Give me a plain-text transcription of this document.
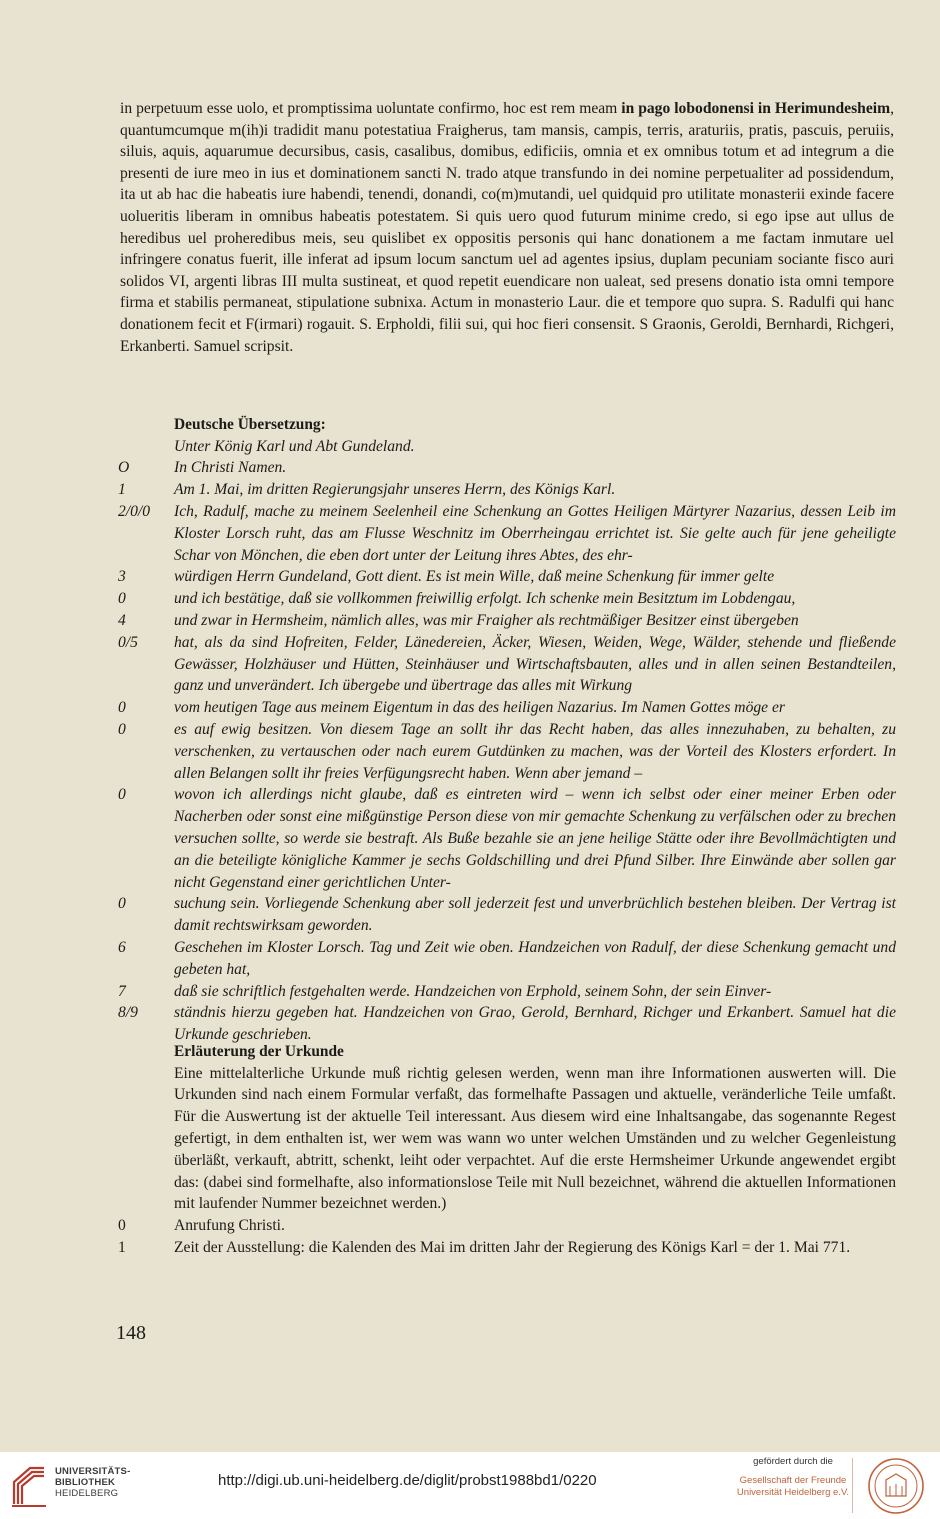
in perpetuum esse uolo, et promptissima uoluntate confirmo, hoc est rem meam in pago lobodonensi in Herimundesheim, quantumcumque m(ih)i tradidit manu potestatiua Fraigherus, tam mansis, campis, terris, araturiis, pratis, pascuis, peruiis, siluis, aquis, aquarumue decursibus, casis, casalibus, domibus, edificiis, omnia et ex omnibus totum et ad integrum a die presenti de iure meo in ius et dominationem sancti N. trado atque transfundo in dei nomine perpetualiter ad possidendum, ita ut ab hac die habeatis iure habendi, tenendi, donandi, co(m)mutandi, uel quidquid pro utilitate monasterii exinde facere uolueritis liberam in omnibus habeatis potestatem. Si quis uero quod futurum minime credo, si ego ipse aut ullus de heredibus uel proheredibus meis, seu quislibet ex oppositis personis qui hanc donationem a me factam inmutare uel infringere conatus fuerit, ille inferat ad ipsum locum sanctum uel ad agentes ipsius, duplam pecuniam sociante fisco auri solidos VI, argenti libras III multa sustineat, et quod repetit euendicare non ualeat, sed presens donatio ista omni tempore firma et stabilis permaneat, stipulatione subnixa. Actum in monasterio Laur. die et tempore quo supra. S. Radulfi qui hanc donationem fecit et F(irmari) rogauit. S. Erpholdi, filii sui, qui hoc fieri consensit. S Graonis, Geroldi, Bernhardi, Richgeri, Erkanberti. Samuel scripsit.

Deutsche Übersetzung:
Unter König Karl und Abt Gundeland.
O	In Christi Namen.
1	Am 1. Mai, im dritten Regierungsjahr unseres Herrn, des Königs Karl.
2/0/0	Ich, Radulf, mache zu meinem Seelenheil eine Schenkung an Gottes Heiligen Märtyrer Nazarius, dessen Leib im Kloster Lorsch ruht, das am Flusse Weschnitz im Oberrheingau errichtet ist. Sie gelte auch für jene geheiligte Schar von Mönchen, die eben dort unter der Leitung ihres Abtes, des ehr-
3	würdigen Herrn Gundeland, Gott dient. Es ist mein Wille, daß meine Schenkung für immer gelte
0	und ich bestätige, daß sie vollkommen freiwillig erfolgt. Ich schenke mein Besitztum im Lobdengau,
4	und zwar in Hermsheim, nämlich alles, was mir Fraigher als rechtmäßiger Besitzer einst übergeben
0/5	hat, als da sind Hofreiten, Felder, Länedereien, Äcker, Wiesen, Weiden, Wege, Wälder, stehende und fließende Gewässer, Holzhäuser und Hütten, Steinhäuser und Wirtschaftsbauten, alles und in allen seinen Bestandteilen, ganz und unverändert. Ich übergebe und übertrage das alles mit Wirkung
0	vom heutigen Tage aus meinem Eigentum in das des heiligen Nazarius. Im Namen Gottes möge er
0	es auf ewig besitzen. Von diesem Tage an sollt ihr das Recht haben, das alles innezuhaben, zu behalten, zu verschenken, zu vertauschen oder nach eurem Gutdünken zu machen, was der Vorteil des Klosters erfordert. In allen Belangen sollt ihr freies Verfügungsrecht haben. Wenn aber jemand –
0	wovon ich allerdings nicht glaube, daß es eintreten wird – wenn ich selbst oder einer meiner Erben oder Nacherben oder sonst eine mißgünstige Person diese von mir gemachte Schenkung zu verfälschen oder zu brechen versuchen sollte, so werde sie bestraft. Als Buße bezahle sie an jene heilige Stätte oder ihre Bevollmächtigten und an die beteiligte königliche Kammer je sechs Goldschilling und drei Pfund Silber. Ihre Einwände aber sollen gar nicht Gegenstand einer gerichtlichen Unter-
0	suchung sein. Vorliegende Schenkung aber soll jederzeit fest und unverbrüchlich bestehen bleiben. Der Vertrag ist damit rechtswirksam geworden.
6	Geschehen im Kloster Lorsch. Tag und Zeit wie oben. Handzeichen von Radulf, der diese Schenkung gemacht und gebeten hat,
7	daß sie schriftlich festgehalten werde. Handzeichen von Erphold, seinem Sohn, der sein Einver-
8/9	ständnis hierzu gegeben hat. Handzeichen von Grao, Gerold, Bernhard, Richger und Erkanbert. Samuel hat die Urkunde geschrieben.
Erläuterung der Urkunde
Eine mittelalterliche Urkunde muß richtig gelesen werden, wenn man ihre Informationen auswerten will. Die Urkunden sind nach einem Formular verfaßt, das formelhafte Passagen und aktuelle, veränderliche Teile umfaßt. Für die Auswertung ist der aktuelle Teil interessant. Aus diesem wird eine Inhaltsangabe, das sogenannte Regest gefertigt, in dem enthalten ist, wer wem was wann wo unter welchen Umständen und zu welcher Gegenleistung überläßt, verkauft, abtritt, schenkt, leiht oder verpachtet. Auf die erste Hermsheimer Urkunde angewendet ergibt das: (dabei sind formelhafte, also informationslose Teile mit Null bezeichnet, während die aktuellen Informationen mit laufender Nummer bezeichnet werden.)
0	Anrufung Christi.
1	Zeit der Ausstellung: die Kalenden des Mai im dritten Jahr der Regierung des Königs Karl = der 1. Mai 771.
148
UNIVERSITÄTS-
BIBLIOTHEK
HEIDELBERG
http://digi.ub.uni-heidelberg.de/diglit/probst1988bd1/0220
gefördert durch die
Gesellschaft der Freunde
Universität Heidelberg e.V.
